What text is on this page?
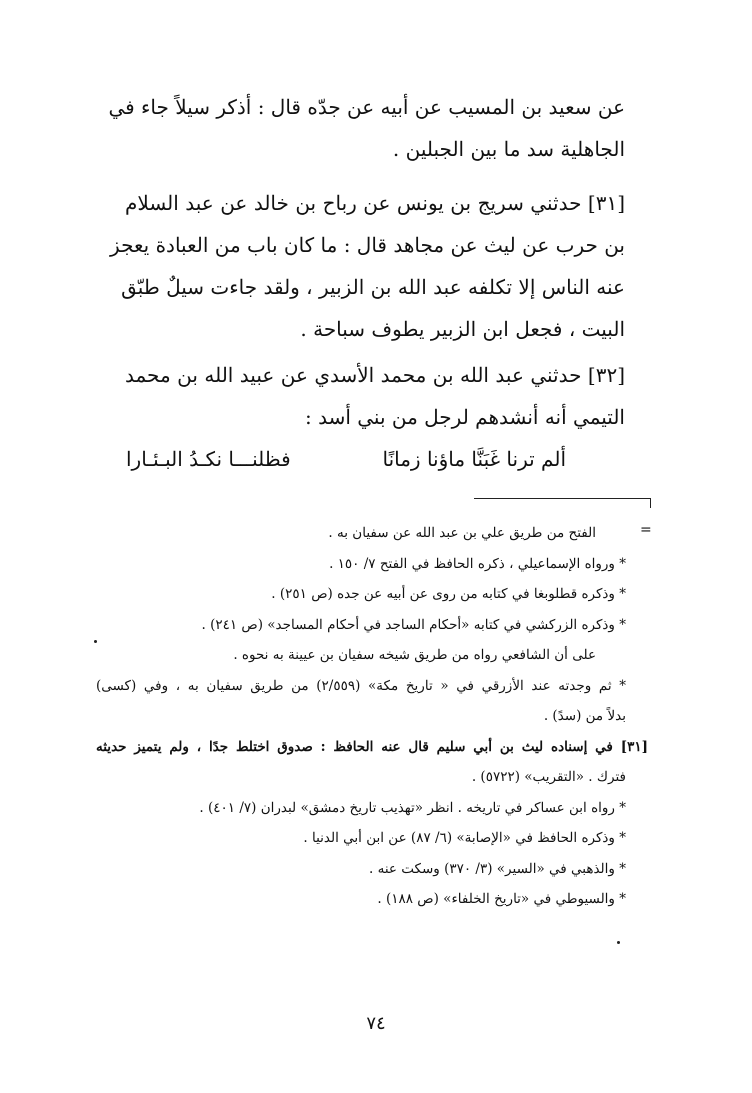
عن سعيد بن المسيب عن أبيه عن جدّه قال : أذكر سيلاً جاء في
الجاهلية سد ما بين الجبلين .
[٣١] حدثني سريج بن يونس عن رباح بن خالد عن عبد السلام
بن حرب عن ليث عن مجاهد قال : ما كان باب من العبادة يعجز
عنه الناس إلا تكلفه عبد الله بن الزبير ، ولقد جاءت سيلٌ طبّق
البيت ، فجعل ابن الزبير يطوف سباحة .
[٣٢] حدثني عبد الله بن محمد الأسدي عن عبيد الله بن محمد
التيمي أنه أنشدهم لرجل من بني أسد :
ألم ترنا غَبَنَّا ماؤنا زمانًا
فظلنـــا نكـدُ البـئـارا
=
الفتح من طريق علي بن عبد الله عن سفيان به .
* ورواه الإسماعيلي ، ذكره الحافظ في الفتح ٧/ ١٥٠ .
* وذكره قطلوبغا في كتابه من روى عن أبيه عن جده (ص ٢٥١) .
* وذكره الزركشي في كتابه «أحكام الساجد في أحكام المساجد» (ص ٢٤١) .
على أن الشافعي رواه من طريق شيخه سفيان بن عيينة به نحوه .
* ثم وجدته عند الأزرقي في « تاريخ مكة» (٢/٥٥٩) من طريق سفيان به ، وفي (كسى)
بدلاً من (سدً) .
[٣١] في إسناده ليث بن أبي سليم قال عنه الحافظ : صدوق اختلط جدًا ، ولم يتميز حديثه
فترك . «التقريب» (٥٧٢٢) .
* رواه ابن عساكر في تاريخه . انظر «تهذيب تاريخ دمشق» لبدران (٧/ ٤٠١) .
* وذكره الحافظ في «الإصابة» (٦/ ٨٧) عن ابن أبي الدنيا .
* والذهبي في «السير» (٣/ ٣٧٠) وسكت عنه .
* والسيوطي في «تاريخ الخلفاء» (ص ١٨٨) .
٧٤
